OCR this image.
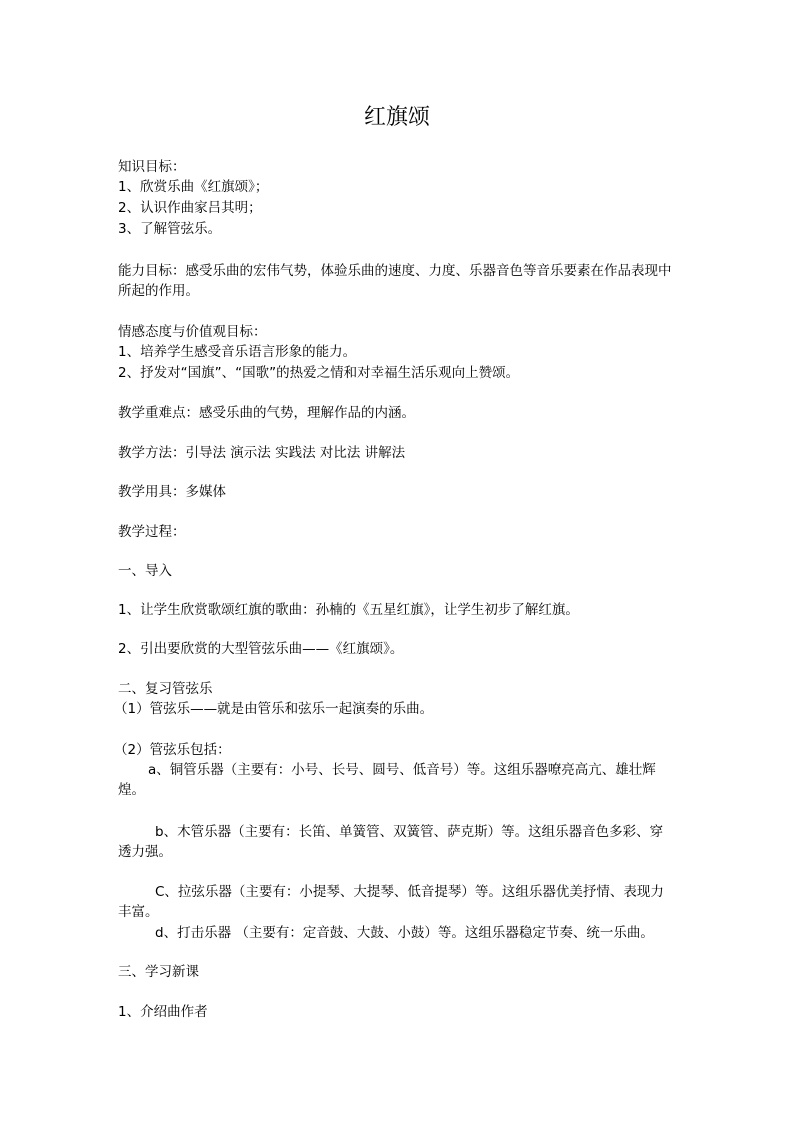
红旗颂
知识目标：
1、欣赏乐曲《红旗颂》；
2、认识作曲家吕其明；
3、了解管弦乐。
能力目标：感受乐曲的宏伟气势，体验乐曲的速度、力度、乐器音色等音乐要素在作品表现中所起的作用。
情感态度与价值观目标：
1、培养学生感受音乐语言形象的能力。
2、抒发对“国旗”、“国歌”的热爱之情和对幸福生活乐观向上赞颂。
教学重难点：感受乐曲的气势，理解作品的内涵。
教学方法：引导法 演示法 实践法 对比法 讲解法
教学用具：多媒体
教学过程：
一、导入
1、让学生欣赏歌颂红旗的歌曲：孙楠的《五星红旗》，让学生初步了解红旗。
2、引出要欣赏的大型管弦乐曲——《红旗颂》。
二、复习管弦乐
（1）管弦乐——就是由管乐和弦乐一起演奏的乐曲。
（2）管弦乐包括：
a、铜管乐器（主要有：小号、长号、圆号、低音号）等。这组乐器嘹亮高亢、雄壮辉煌。
b、木管乐器（主要有：长笛、单簧管、双簧管、萨克斯）等。这组乐器音色多彩、穿透力强。
C、拉弦乐器（主要有：小提琴、大提琴、低音提琴）等。这组乐器优美抒情、表现力丰富。
d、打击乐器 （主要有：定音鼓、大鼓、小鼓）等。这组乐器稳定节奏、统一乐曲。
三、学习新课
1、介绍曲作者
